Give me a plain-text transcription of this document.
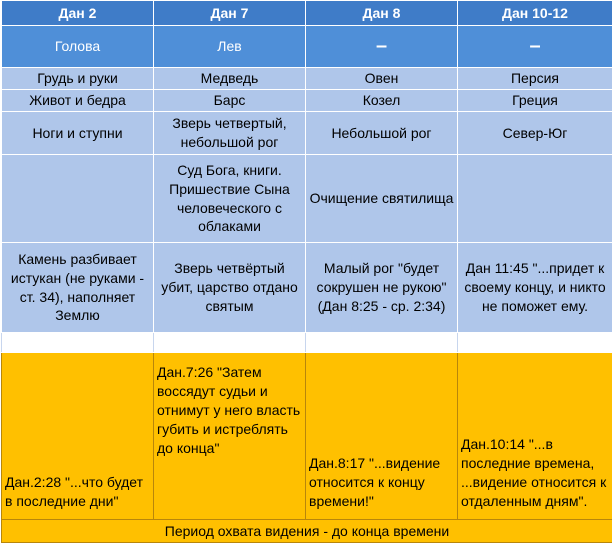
Дан 2	Дан 7	Дан 8	Дан 10-12
Голова	Лев	–	–
Грудь и руки	Медведь	Овен	Персия
Живот и бедра	Барс	Козел	Греция
Ноги и ступни	Зверь четвертый, небольшой рог	Небольшой рог	Север-Юг
	Суд Бога, книги. Пришествие Сына человеческого с облаками	Очищение святилища	
Камень разбивает истукан (не руками - ст. 34), наполняет Землю	Зверь четвёртый убит, царство отдано святым	Малый рог "будет сокрушен не рукою" (Дан 8:25 - ср. 2:34)	Дан 11:45 "...придет к своему концу, и никто не поможет ему.

Дан.2:28 "...что будет в последние дни"	Дан.7:26 "Затем воссядут судьи и отнимут у него власть губить и истреблять до конца"	Дан.8:17 "...видение относится к концу времени!"	Дан.10:14 "...в последние времена, ...видение относится к отдаленным дням".
Период охвата видения - до конца времени			
